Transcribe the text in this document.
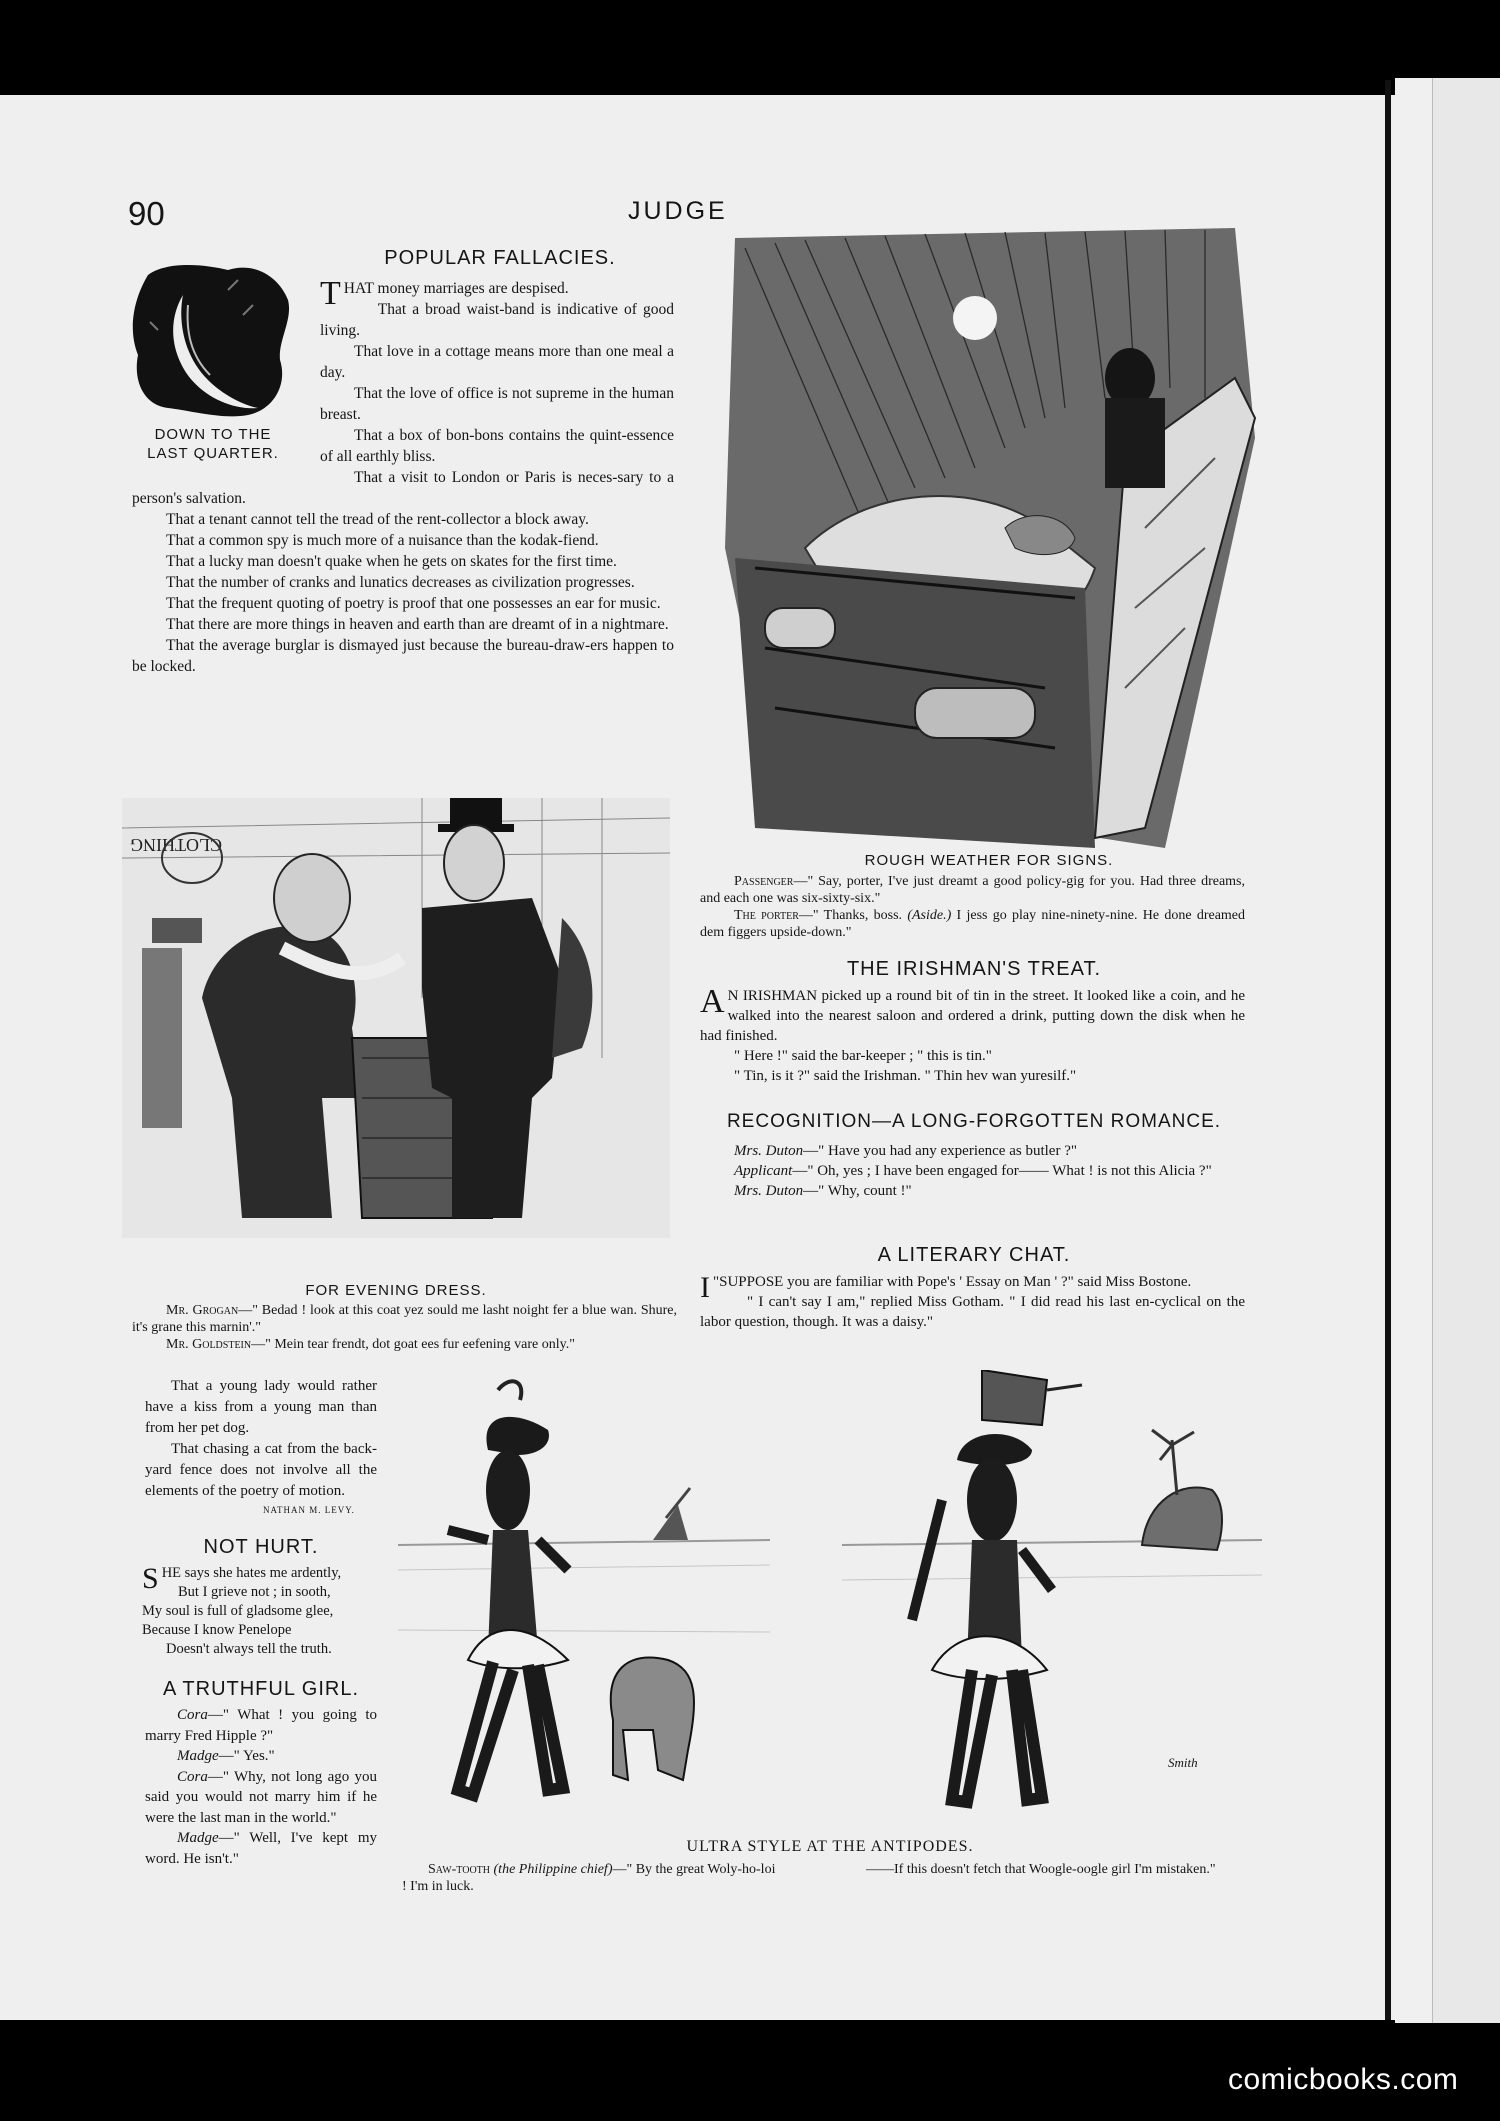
90	JUDGE
DOWN TO THE
LAST QUARTER.
POPULAR FALLACIES.

THAT money marriages are despised.

That a broad waist-band is indicative of good living.

That love in a cottage means more than one meal a day.

That the love of office is not supreme in the human breast.

That a box of bon-bons contains the quint-essence of all earthly bliss.

That a visit to London or Paris is neces-sary to a person's salvation.

That a tenant cannot tell the tread of the rent-collector a block away.

That a common spy is much more of a nuisance than the kodak-fiend.

That a lucky man doesn't quake when he gets on skates for the first time.

That the number of cranks and lunatics decreases as civilization progresses.

That the frequent quoting of poetry is proof that one possesses an ear for music.

That there are more things in heaven and earth than are dreamt of in a nightmare.

That the average burglar is dismayed just because the bureau-draw-ers happen to be locked.

ROUGH WEATHER FOR SIGNS.

Passenger—" Say, porter, I've just dreamt a good policy-gig for you. Had three dreams, and each one was six-sixty-six."

The porter—" Thanks, boss. (Aside.) I jess go play nine-ninety-nine. He done dreamed dem figgers upside-down."

CLOTHING
FOR EVENING DRESS.

Mr. Grogan—" Bedad ! look at this coat yez sould me lasht noight fer a blue wan. Shure, it's grane this marnin'."

Mr. Goldstein—" Mein tear frendt, dot goat ees fur eefening vare only."

THE IRISHMAN'S TREAT.

A N IRISHMAN picked up a round bit of tin in the street. It looked like a coin, and he walked into the nearest saloon and ordered a drink, putting down the disk when he had finished.

" Here !" said the bar-keeper ; " this is tin."

" Tin, is it ?" said the Irishman. " Thin hev wan yuresilf."

RECOGNITION—A LONG-FORGOTTEN ROMANCE.

Mrs. Duton—" Have you had any experience as butler ?"

Applicant—" Oh, yes ; I have been engaged for—— What ! is not this Alicia ?"

Mrs. Duton—" Why, count !"

A LITERARY CHAT.

"
I SUPPOSE you are familiar with Pope's ' Essay on Man ' ?" said Miss Bostone.

" I can't say I am," replied Miss Gotham. " I did read his last en-cyclical on the labor question, though. It was a daisy."

That a young lady would rather have a kiss from a young man than from her pet dog.

That chasing a cat from the back-yard fence does not involve all the elements of the poetry of motion.

NATHAN M. LEVY.
NOT HURT.

SHE says she hates me ardently,

But I grieve not ; in sooth,

My soul is full of gladsome glee,

Because I know Penelope

Doesn't always tell the truth.

A TRUTHFUL GIRL.

Cora—" What ! you going to marry Fred Hipple ?"

Madge—" Yes."

Cora—" Why, not long ago you said you would not marry him if he were the last man in the world."

Madge—" Well, I've kept my word. He isn't."

Smith
ULTRA STYLE AT THE ANTIPODES.

Saw-tooth (the Philippine chief)—" By the great Woly-ho-loi ! I'm in luck.

——If this doesn't fetch that Woogle-oogle girl I'm mistaken."

comicbooks.com
